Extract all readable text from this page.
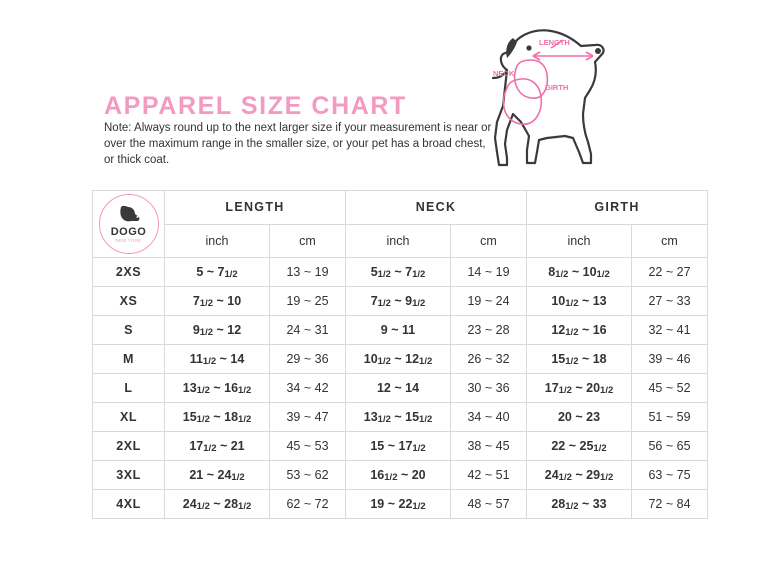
APPAREL SIZE CHART
Note: Always round up to the next larger size if your measurement is near or over the maximum range in the smaller size, or your pet has a broad chest, or thick coat.
NECK
LENGTH
GIRTH
DOGO
NEW YORK	LENGTH		NECK		GIRTH	
	inch	cm	inch	cm	inch	cm
2XS	5 ~ 71/2	13 ~ 19	51/2 ~ 71/2	14 ~ 19	81/2 ~ 101/2	22 ~ 27
XS	71/2 ~ 10	19 ~ 25	71/2 ~ 91/2	19 ~ 24	101/2 ~ 13	27 ~ 33
S	91/2 ~ 12	24 ~ 31	9 ~ 11	23 ~ 28	121/2 ~ 16	32 ~ 41
M	111/2 ~ 14	29 ~ 36	101/2 ~ 121/2	26 ~ 32	151/2 ~ 18	39 ~ 46
L	131/2 ~ 161/2	34 ~ 42	12 ~ 14	30 ~ 36	171/2 ~ 201/2	45 ~ 52
XL	151/2 ~ 181/2	39 ~ 47	131/2 ~ 151/2	34 ~ 40	20 ~ 23	51 ~ 59
2XL	171/2 ~ 21	45 ~ 53	15 ~ 171/2	38 ~ 45	22 ~ 251/2	56 ~ 65
3XL	21 ~ 241/2	53 ~ 62	161/2 ~ 20	42 ~ 51	241/2 ~ 291/2	63 ~ 75
4XL	241/2 ~ 281/2	62 ~ 72	19 ~ 221/2	48 ~ 57	281/2 ~ 33	72 ~ 84
